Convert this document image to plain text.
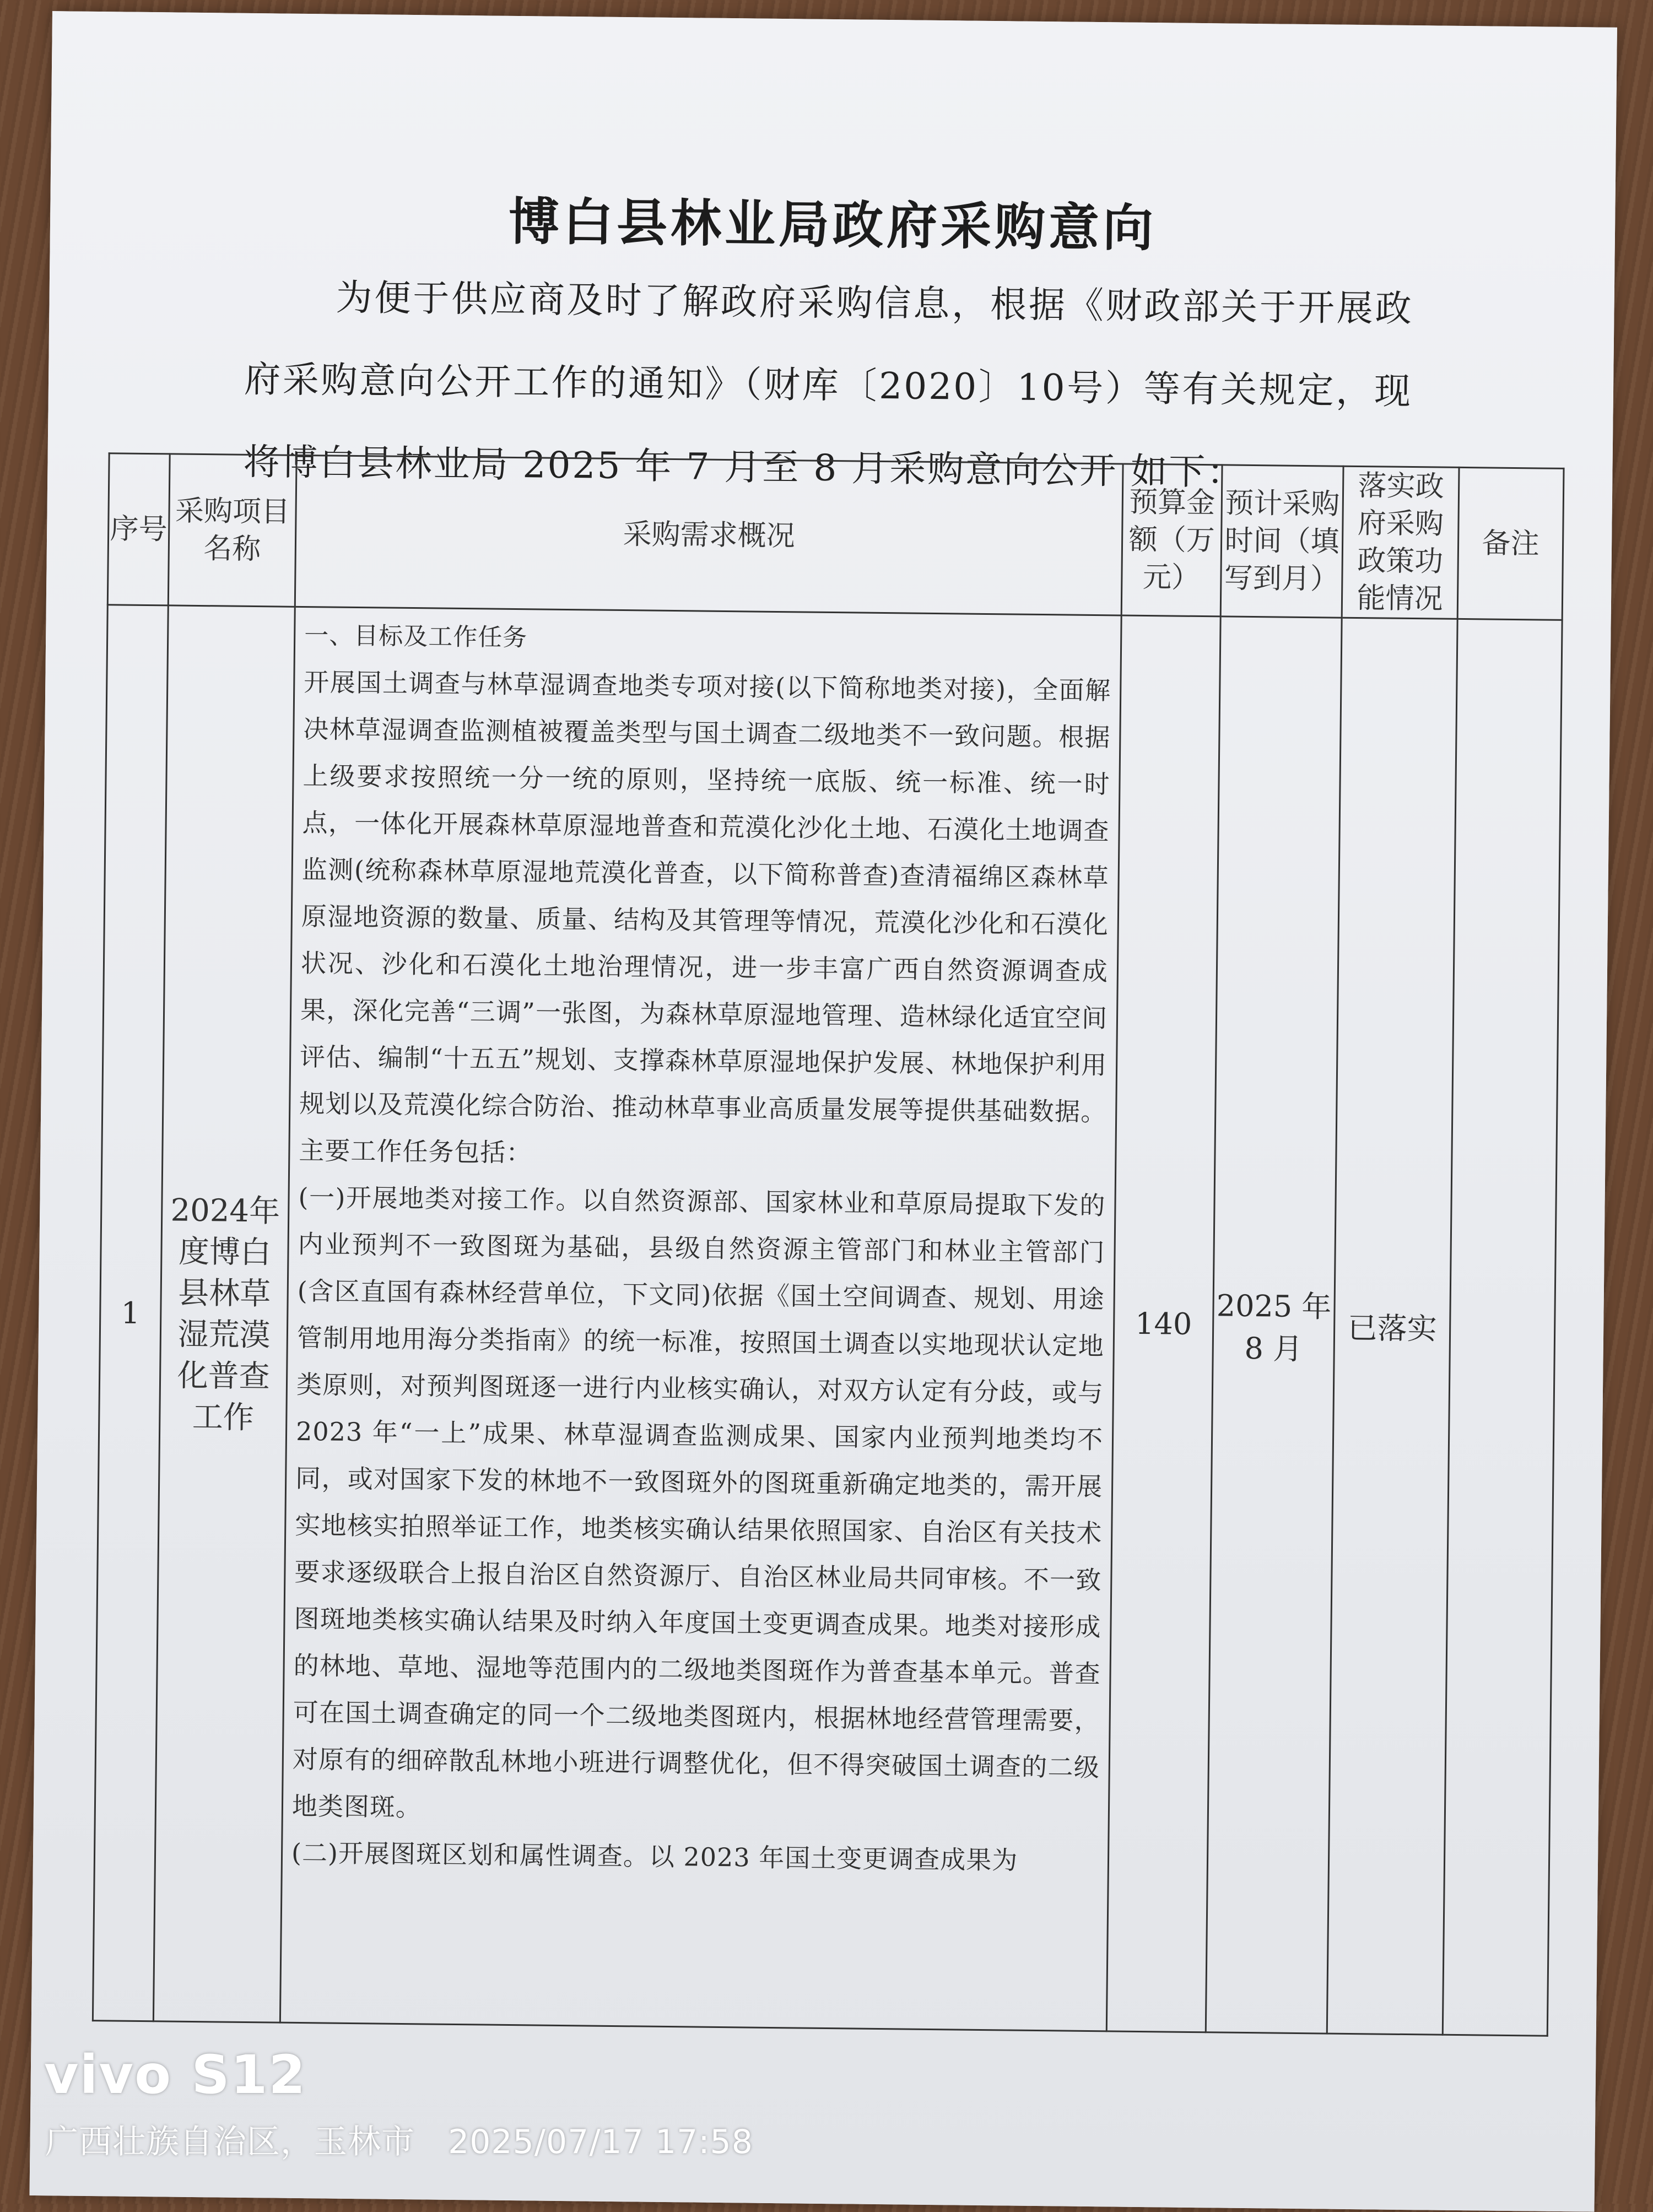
博白县林业局政府采购意向
为便于供应商及时了解政府采购信息，根据《财政部关于开展政府采购意向公开工作的通知》（财库〔2020〕10号）等有关规定，现将博白县林业局 2025 年 7 月至 8 月采购意向公开 如下：
序号	采购项目名称	采购需求概况	预算金额（万元）	预计采购时间（填写到月）	落实政府采购政策功能情况	备注
1	2024年度博白县林草湿荒漠化普查工作	一、目标及工作任务

开展国土调查与林草湿调查地类专项对接(以下简称地类对接)，全面解决林草湿调查监测植被覆盖类型与国土调查二级地类不一致问题。根据上级要求按照统一分一统的原则，坚持统一底版、统一标准、统一时点，一体化开展森林草原湿地普查和荒漠化沙化土地、石漠化土地调查监测(统称森林草原湿地荒漠化普查，以下简称普查)查清福绵区森林草原湿地资源的数量、质量、结构及其管理等情况，荒漠化沙化和石漠化状况、沙化和石漠化土地治理情况，进一步丰富广西自然资源调查成果，深化完善“三调”一张图，为森林草原湿地管理、造林绿化适宜空间评估、编制“十五五”规划、支撑森林草原湿地保护发展、林地保护利用规划以及荒漠化综合防治、推动林草事业高质量发展等提供基础数据。主要工作任务包括：

(一)开展地类对接工作。以自然资源部、国家林业和草原局提取下发的内业预判不一致图斑为基础，县级自然资源主管部门和林业主管部门(含区直国有森林经营单位，下文同)依据《国土空间调查、规划、用途管制用地用海分类指南》的统一标准，按照国土调查以实地现状认定地类原则，对预判图斑逐一进行内业核实确认，对双方认定有分歧，或与 2023 年“一上”成果、林草湿调查监测成果、国家内业预判地类均不同，或对国家下发的林地不一致图斑外的图斑重新确定地类的，需开展实地核实拍照举证工作，地类核实确认结果依照国家、自治区有关技术要求逐级联合上报自治区自然资源厅、自治区林业局共同审核。不一致图斑地类核实确认结果及时纳入年度国土变更调查成果。地类对接形成的林地、草地、湿地等范围内的二级地类图斑作为普查基本单元。普查可在国土调查确定的同一个二级地类图斑内，根据林地经营管理需要，对原有的细碎散乱林地小班进行调整优化，但不得突破国土调查的二级地类图斑。

(二)开展图斑区划和属性调查。以 2023 年国土变更调查成果为	140	2025 年 8 月	已落实	
vivo S12
广西壮族自治区，玉林市 2025/07/17 17:58
